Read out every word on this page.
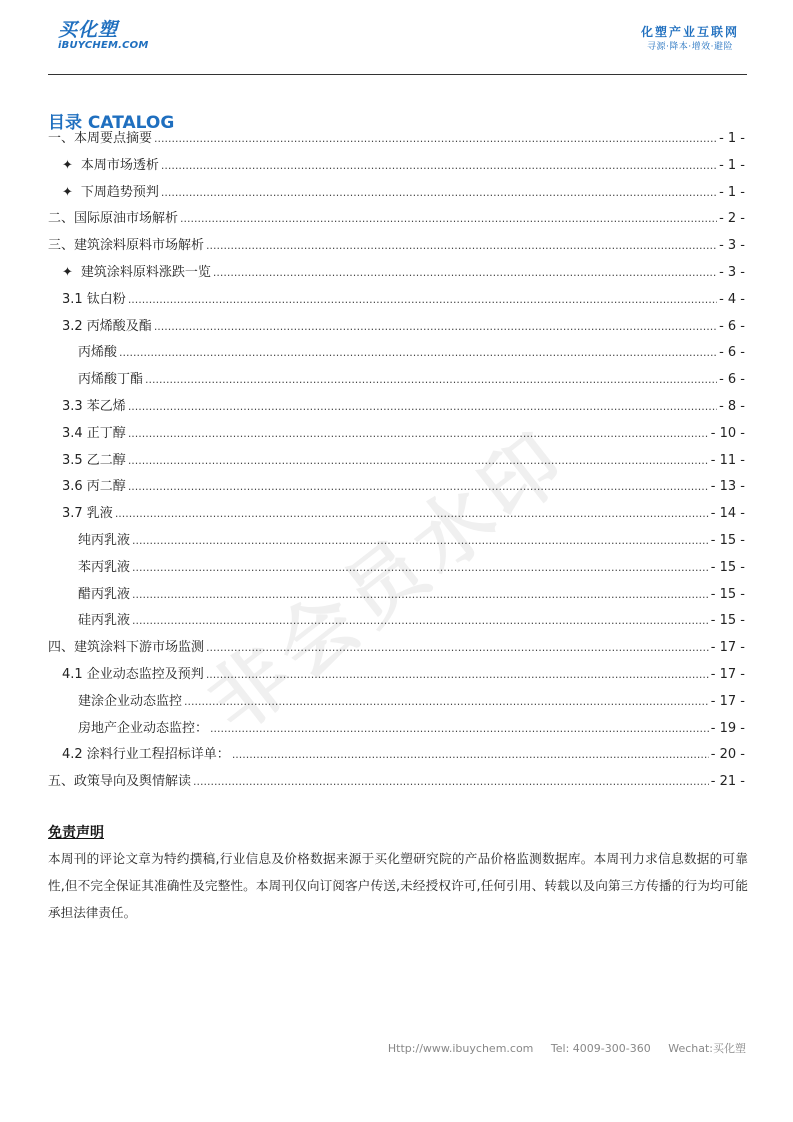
买化塑
iBUYCHEM.COM
化塑产业互联网
寻源·降本·增效·避险
目录 CATALOG
一、本周要点摘要 .....	- 1 -
✦ 本周市场透析 .....	- 1 -
✦ 下周趋势预判 .....	- 1 -
二、国际原油市场解析 .....	- 2 -
三、建筑涂料原料市场解析 .....	- 3 -
✦ 建筑涂料原料涨跌一览 .....	- 3 -
3.1 钛白粉 .....	- 4 -
3.2 丙烯酸及酯 .....	- 6 -
丙烯酸 .....	- 6 -
丙烯酸丁酯 .....	- 6 -
3.3 苯乙烯 .....	- 8 -
3.4 正丁醇 .....	- 10 -
3.5 乙二醇 .....	- 11 -
3.6 丙二醇 .....	- 13 -
3.7 乳液 .....	- 14 -
纯丙乳液 .....	- 15 -
苯丙乳液 .....	- 15 -
醋丙乳液 .....	- 15 -
硅丙乳液 .....	- 15 -
四、建筑涂料下游市场监测 .....	- 17 -
4.1 企业动态监控及预判 .....	- 17 -
建涂企业动态监控 .....	- 17 -
房地产企业动态监控： .....	- 19 -
4.2 涂料行业工程招标详单： .....	- 20 -
五、政策导向及舆情解读 .....	- 21 -
非会员水印
免责声明
本周刊的评论文章为特约撰稿,行业信息及价格数据来源于买化塑研究院的产品价格监测数据库。本周刊力求信息数据的可靠性,但不完全保证其准确性及完整性。本周刊仅向订阅客户传送,未经授权许可,任何引用、转载以及向第三方传播的行为均可能承担法律责任。
Http://www.ibuychem.com Tel: 4009-300-360 Wechat:买化塑
